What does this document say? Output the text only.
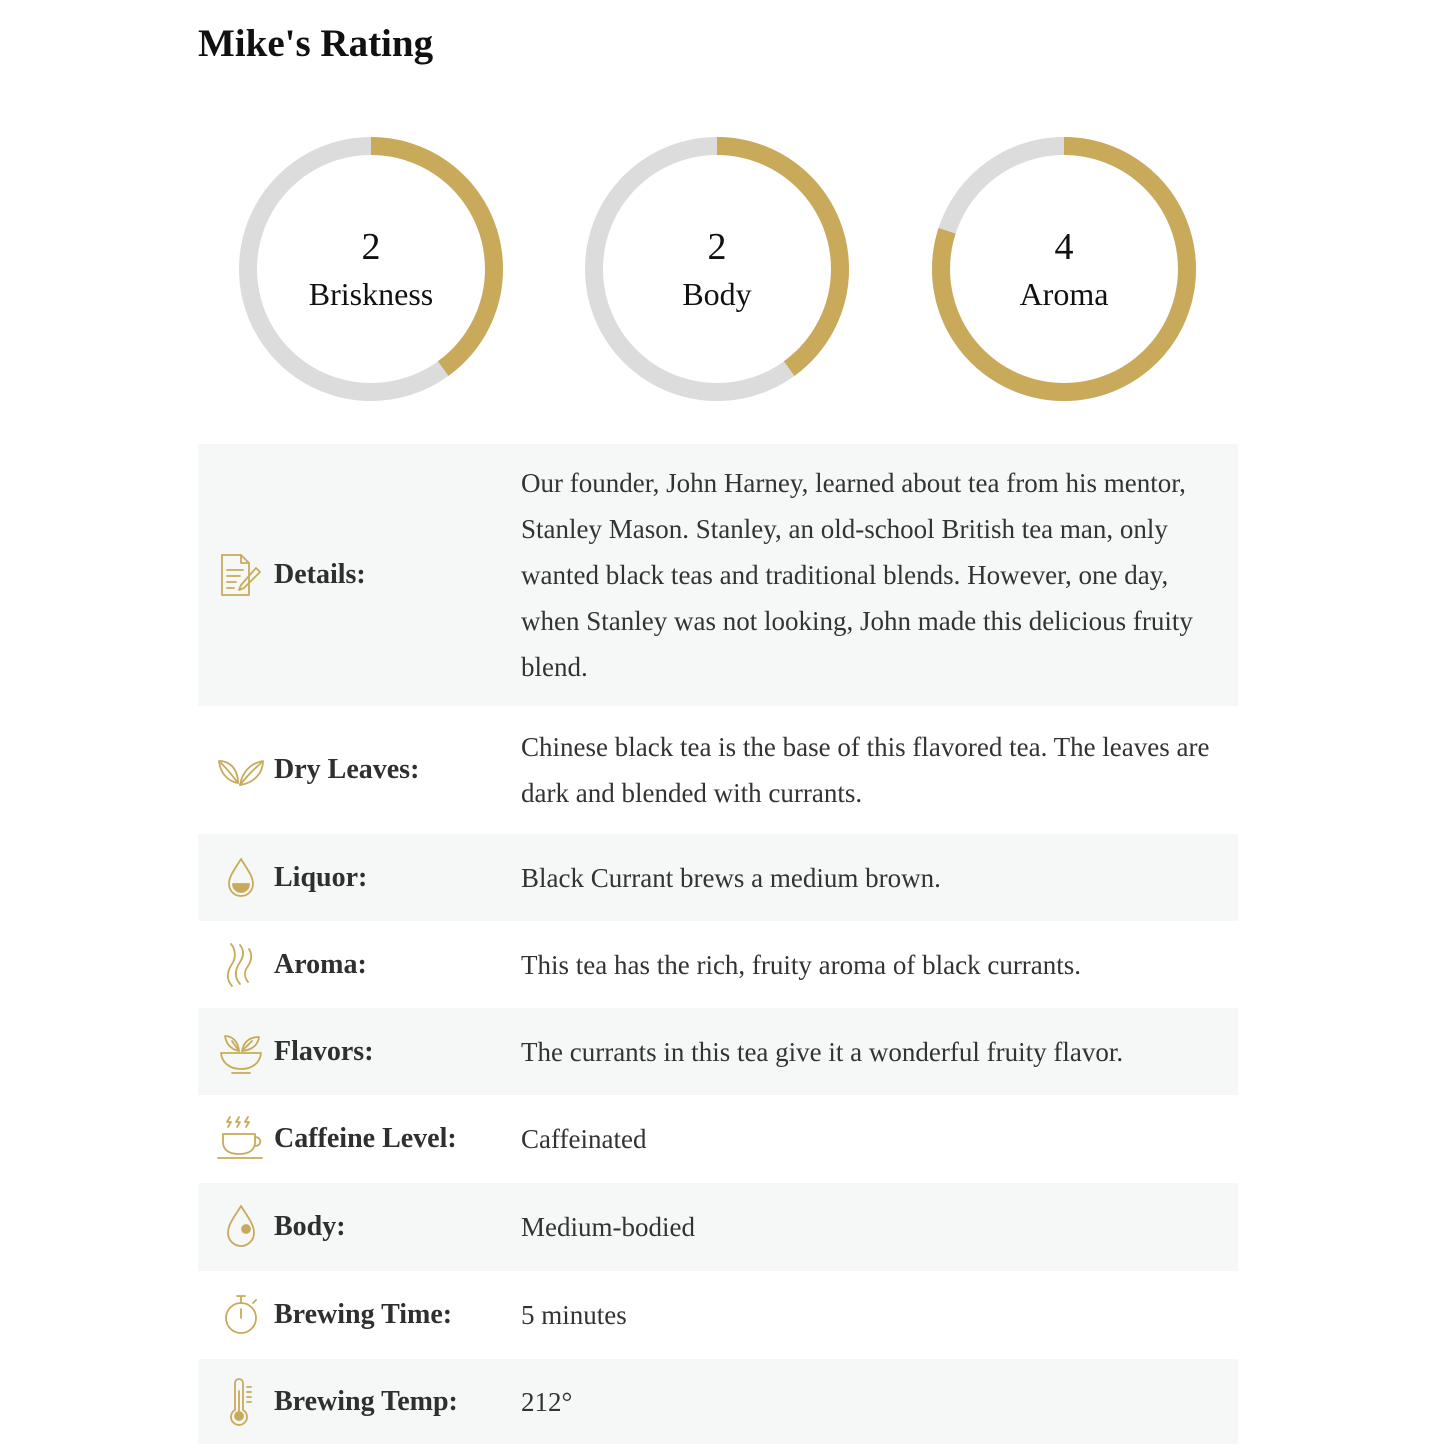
Mike's Rating
2
Briskness
2
Body
4
Aroma
Details:
Our founder, John Harney, learned about tea from his mentor, Stanley Mason. Stanley, an old-school British tea man, only wanted black teas and traditional blends. However, one day, when Stanley was not looking, John made this delicious fruity blend.
Dry Leaves:
Chinese black tea is the base of this flavored tea. The leaves are dark and blended with currants.
Liquor:	Black Currant brews a medium brown.
Aroma:	This tea has the rich, fruity aroma of black currants.
Flavors:	The currants in this tea give it a wonderful fruity flavor.
Caffeine Level: Caffeinated
Body:	Medium-bodied
Brewing Time:	5 minutes
Brewing Temp: 212°
